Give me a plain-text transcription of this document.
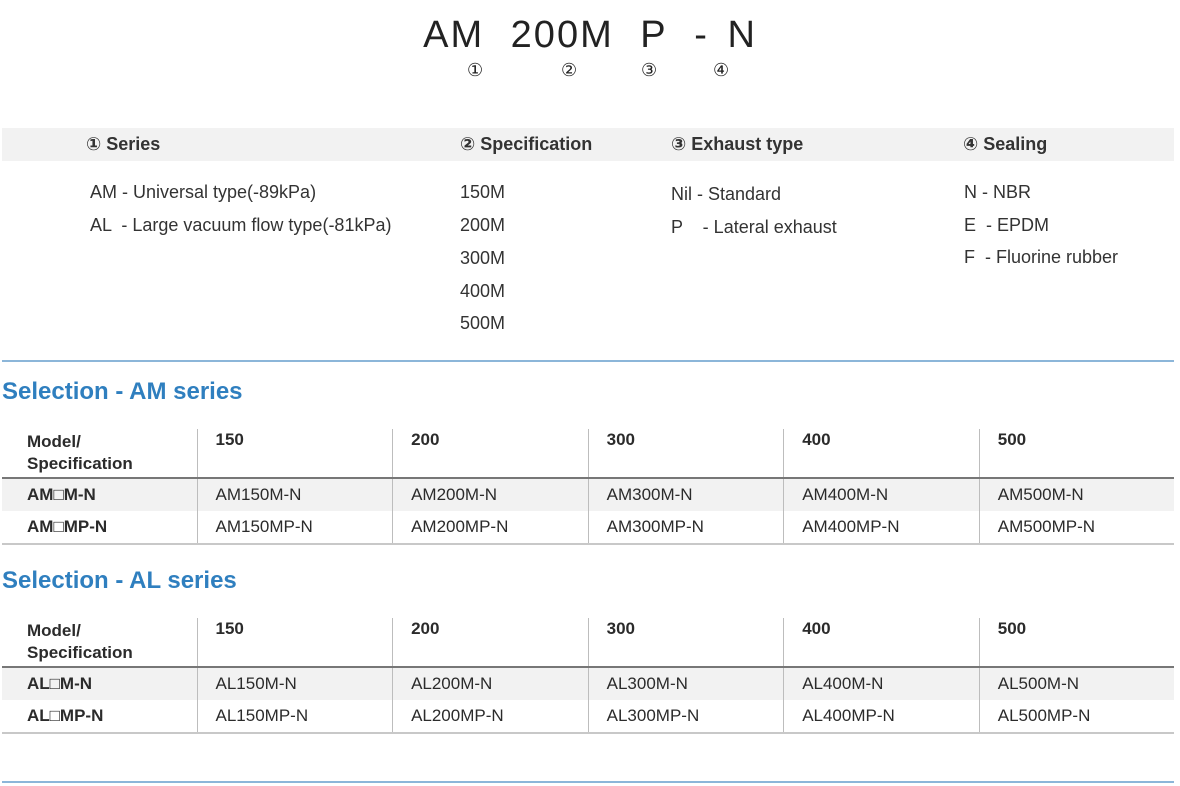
AM 200M P - N
①	②	③	④
① Series	② Specification	③ Exhaust type	④ Sealing
AM - Universal type(-89kPa)
AL  - Large vacuum flow type(-81kPa)
150M
200M
300M
400M
500M
Nil - Standard
P    - Lateral exhaust
N - NBR
E  - EPDM
F  - Fluorine rubber
Selection - AM series
Model/
Specification	150	200	300	400	500
AM□M-N	AM150M-N	AM200M-N	AM300M-N	AM400M-N	AM500M-N
AM□MP-N	AM150MP-N	AM200MP-N	AM300MP-N	AM400MP-N	AM500MP-N
Selection - AL series
Model/
Specification	150	200	300	400	500
AL□M-N	AL150M-N	AL200M-N	AL300M-N	AL400M-N	AL500M-N
AL□MP-N	AL150MP-N	AL200MP-N	AL300MP-N	AL400MP-N	AL500MP-N
